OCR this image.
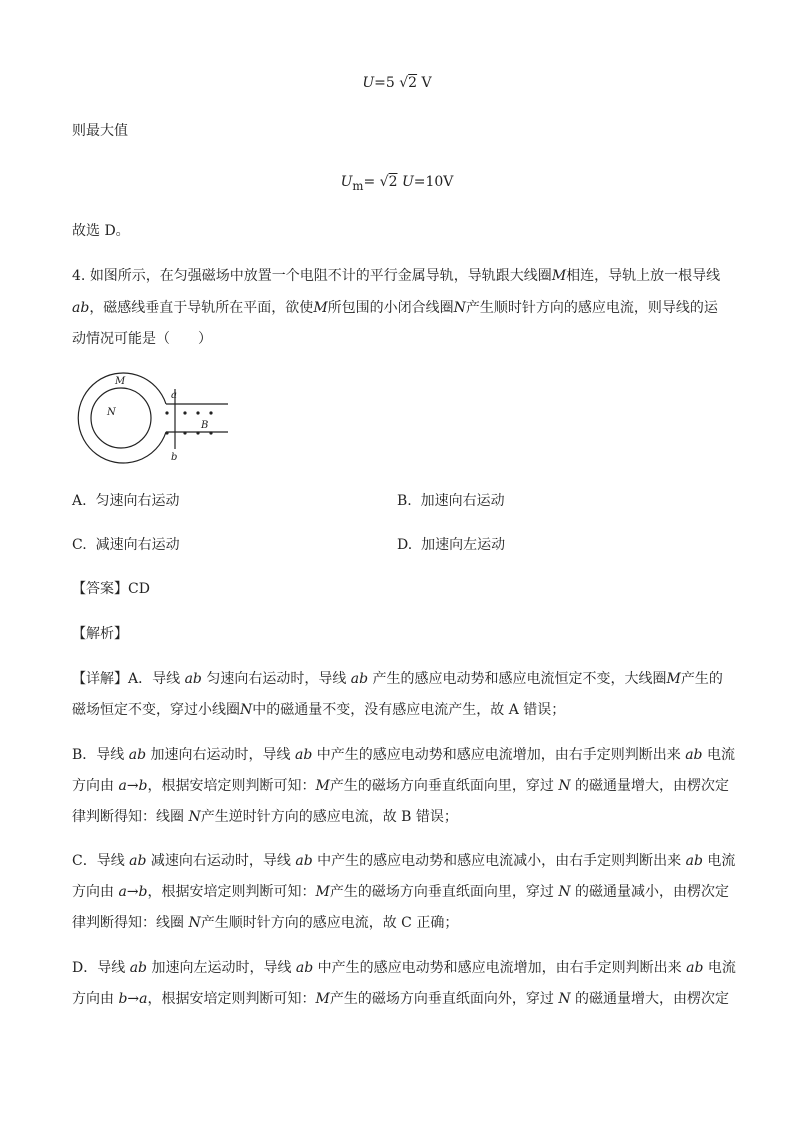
U=5 √2 V
则最大值
$U_m= √2$ U=10V
故选 D。
4. 如图所示，在匀强磁场中放置一个电阻不计的平行金属导轨，导轨跟大线圈M相连，导轨上放一根导线
ab，磁感线垂直于导轨所在平面，欲使M所包围的小闭合线圈N产生顺时针方向的感应电流，则导线的运
动情况可能是（　　）
M
N
a
b
B
A. 匀速向右运动	B. 加速向右运动
C. 减速向右运动	D. 加速向左运动
【答案】CD
【解析】
【详解】A．导线 ab 匀速向右运动时，导线 ab 产生的感应电动势和感应电流恒定不变，大线圈M产生的
磁场恒定不变，穿过小线圈N中的磁通量不变，没有感应电流产生，故 A 错误；
B．导线 ab 加速向右运动时，导线 ab 中产生的感应电动势和感应电流增加，由右手定则判断出来 ab 电流
方向由 a→b，根据安培定则判断可知：M产生的磁场方向垂直纸面向里，穿过 N 的磁通量增大，由楞次定
律判断得知：线圈 N产生逆时针方向的感应电流，故 B 错误；
C．导线 ab 减速向右运动时，导线 ab 中产生的感应电动势和感应电流减小，由右手定则判断出来 ab 电流
方向由 a→b，根据安培定则判断可知：M产生的磁场方向垂直纸面向里，穿过 N 的磁通量减小，由楞次定
律判断得知：线圈 N产生顺时针方向的感应电流，故 C 正确；
D．导线 ab 加速向左运动时，导线 ab 中产生的感应电动势和感应电流增加，由右手定则判断出来 ab 电流
方向由 b→a，根据安培定则判断可知：M产生的磁场方向垂直纸面向外，穿过 N 的磁通量增大，由楞次定
